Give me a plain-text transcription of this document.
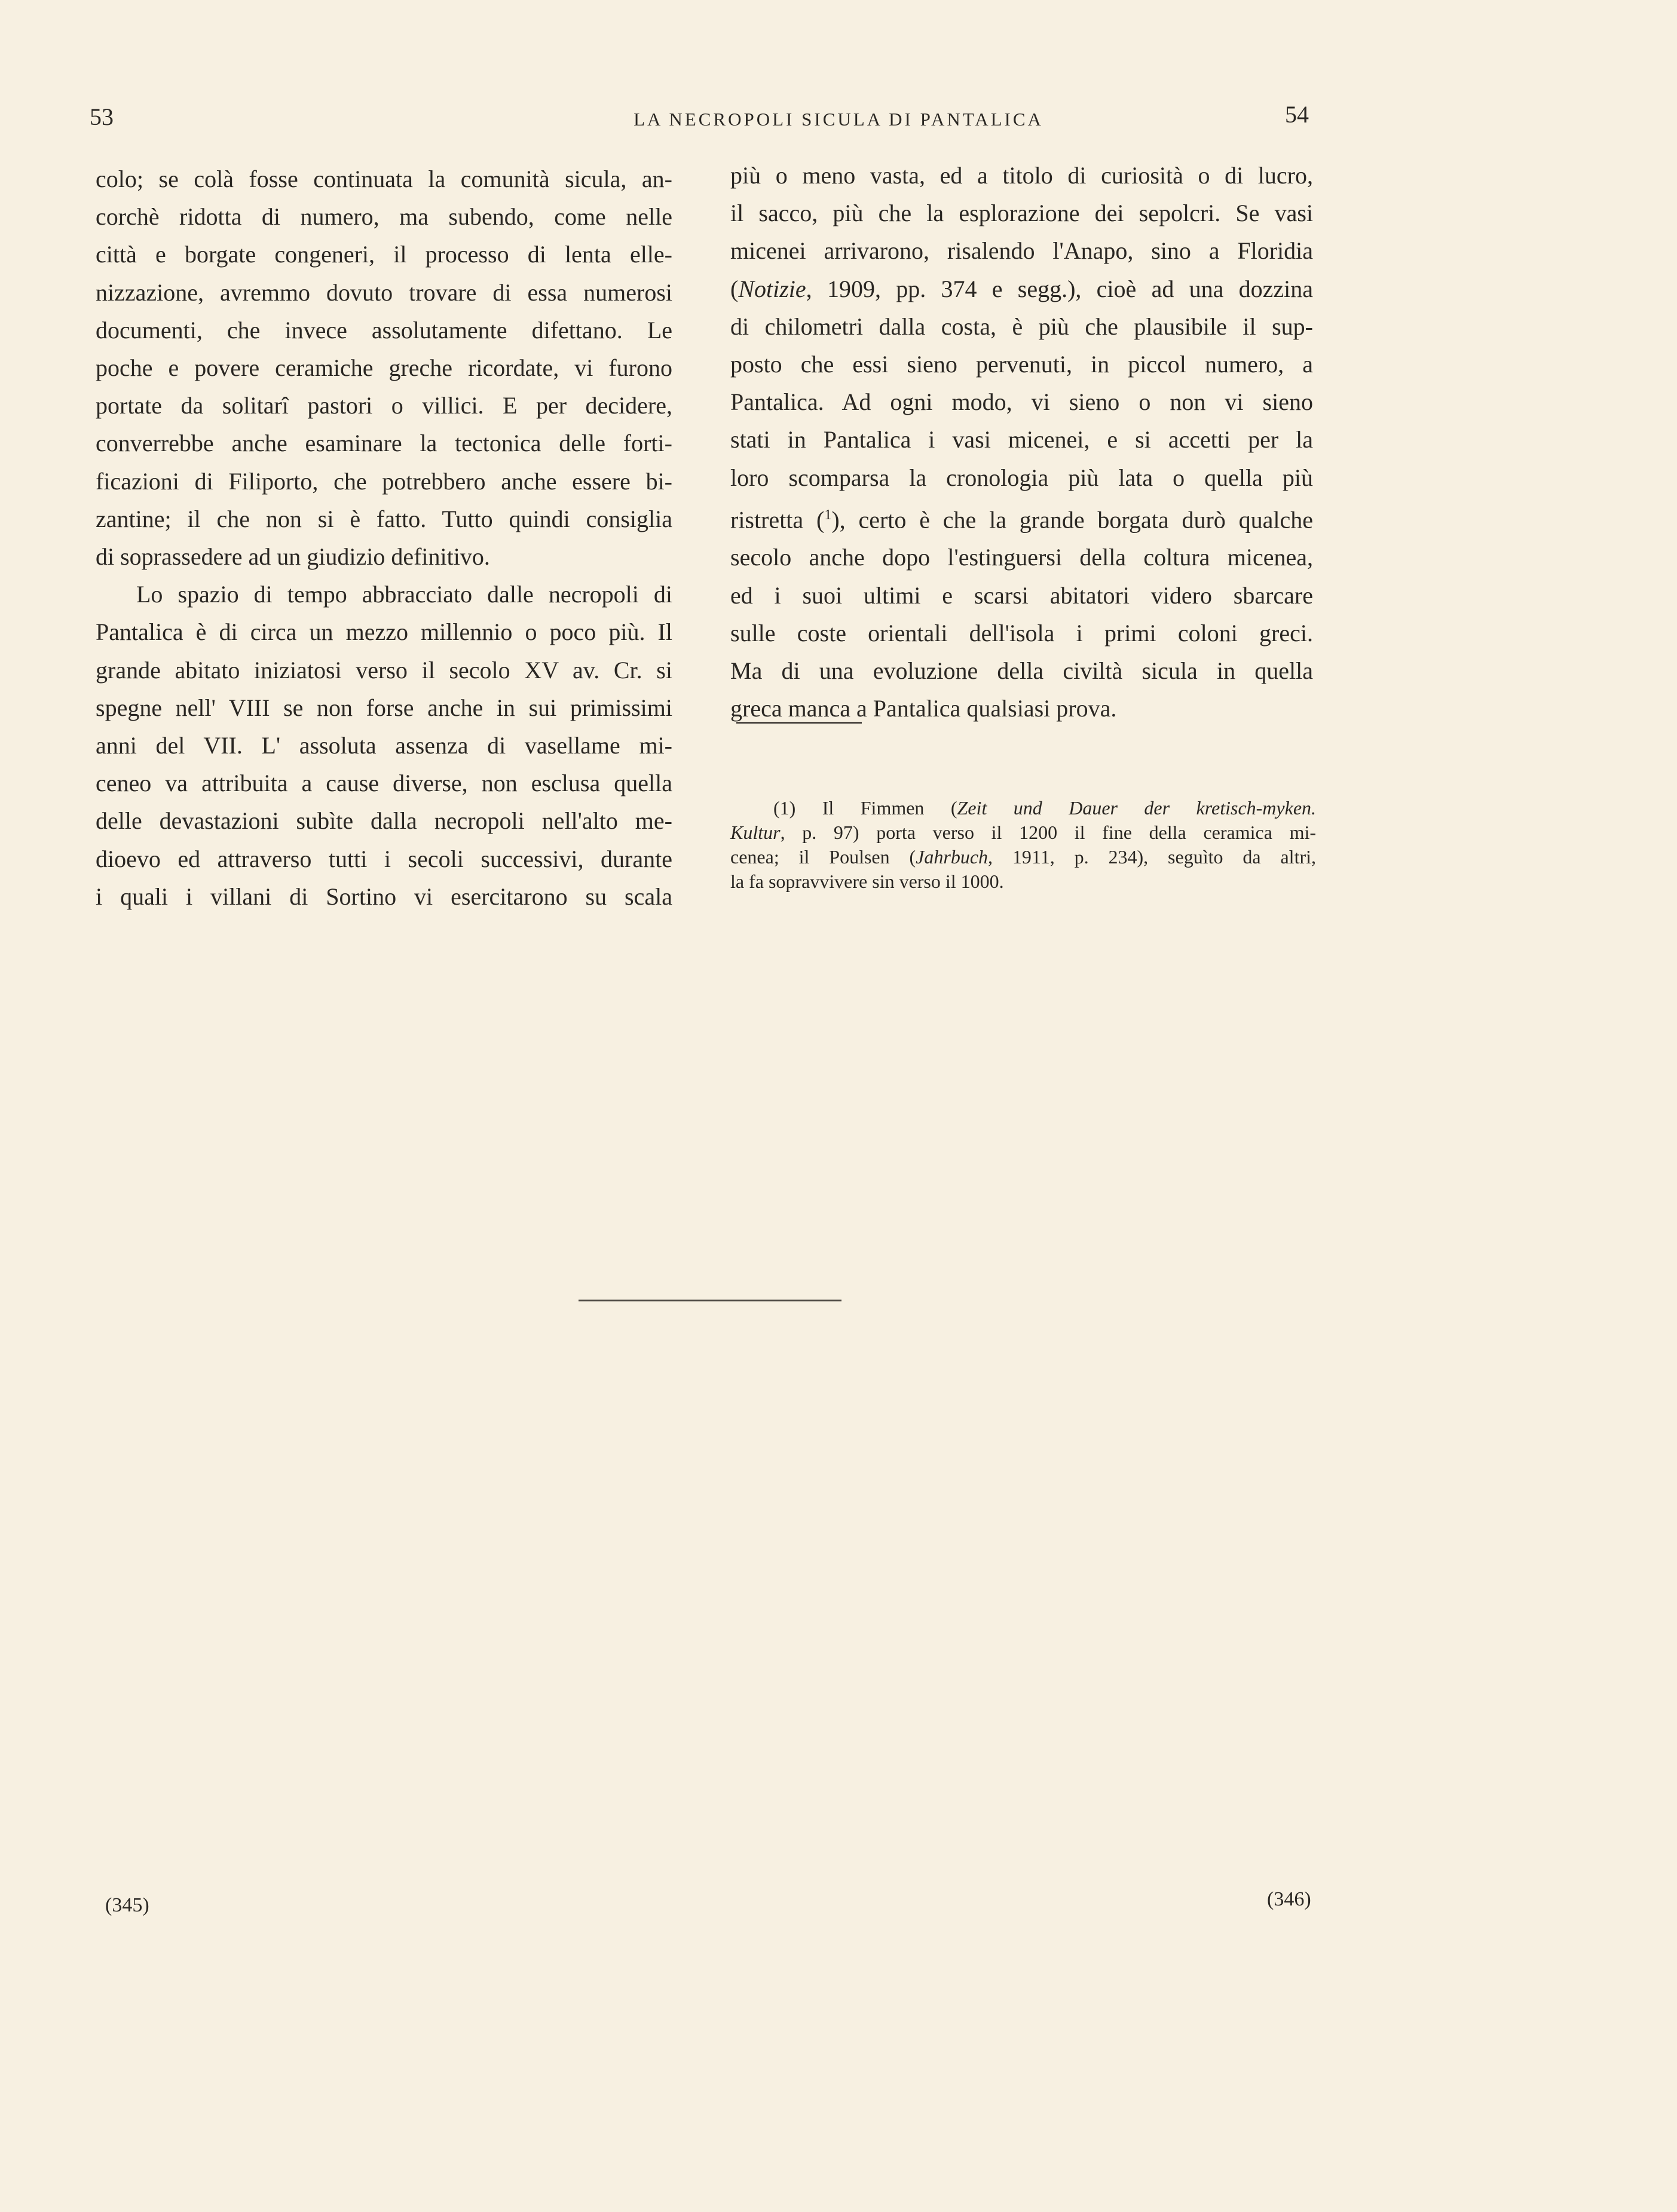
53	LA NECROPOLI SICULA DI PANTALICA	54
colo; se colà fosse continuata la comunità sicula, an-
corchè ridotta di numero, ma subendo, come nelle
città e borgate congeneri, il processo di lenta elle-
nizzazione, avremmo dovuto trovare di essa numerosi
documenti, che invece assolutamente difettano. Le
poche e povere ceramiche greche ricordate, vi furono
portate da solitarî pastori o villici. E per decidere,
converrebbe anche esaminare la tectonica delle forti-
ficazioni di Filiporto, che potrebbero anche essere bi-
zantine; il che non si è fatto. Tutto quindi consiglia
di soprassedere ad un giudizio definitivo.
Lo spazio di tempo abbracciato dalle necropoli di
Pantalica è di circa un mezzo millennio o poco più. Il
grande abitato iniziatosi verso il secolo XV av. Cr. si
spegne nell' VIII se non forse anche in sui primissimi
anni del VII. L' assoluta assenza di vasellame mi-
ceneo va attribuita a cause diverse, non esclusa quella
delle devastazioni subìte dalla necropoli nell'alto me-
dioevo ed attraverso tutti i secoli successivi, durante
i quali i villani di Sortino vi esercitarono su scala
più o meno vasta, ed a titolo di curiosità o di lucro,
il sacco, più che la esplorazione dei sepolcri. Se vasi
micenei arrivarono, risalendo l'Anapo, sino a Floridia
(Notizie, 1909, pp. 374 e segg.), cioè ad una dozzina
di chilometri dalla costa, è più che plausibile il sup-
posto che essi sieno pervenuti, in piccol numero, a
Pantalica. Ad ogni modo, vi sieno o non vi sieno
stati in Pantalica i vasi micenei, e si accetti per la
loro scomparsa la cronologia più lata o quella più
ristretta ($^1$), certo è che la grande borgata durò qualche
secolo anche dopo l'estinguersi della coltura micenea,
ed i suoi ultimi e scarsi abitatori videro sbarcare
sulle coste orientali dell'isola i primi coloni greci.
Ma di una evoluzione della civiltà sicula in quella
greca manca a Pantalica qualsiasi prova.
(1) Il Fimmen (Zeit und Dauer der kretisch-myken.
Kultur, p. 97) porta verso il 1200 il fine della ceramica mi-
cenea; il Poulsen (Jahrbuch, 1911, p. 234), seguìto da altri,
la fa sopravvivere sin verso il 1000.
(345)	(346)
